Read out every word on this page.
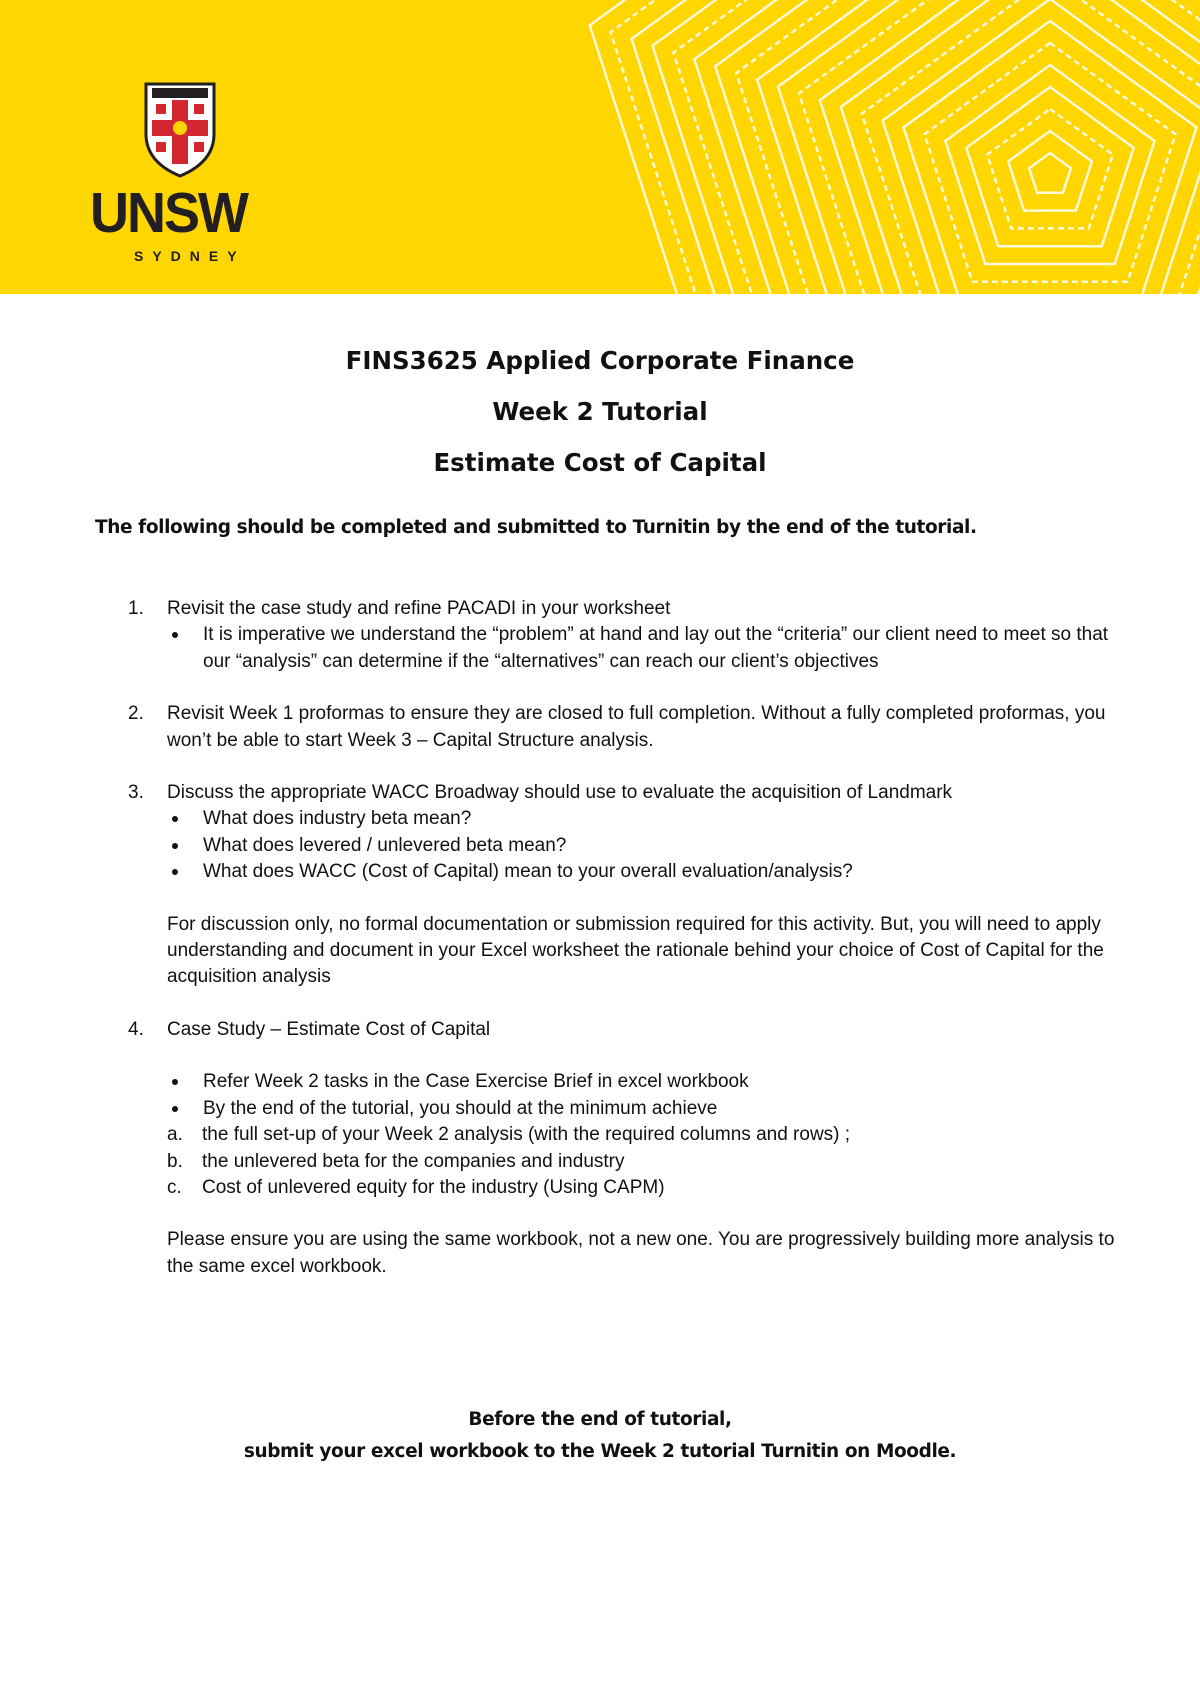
UNSW
SYDNEY
FINS3625 Applied Corporate Finance
Week 2 Tutorial
Estimate Cost of Capital
The following should be completed and submitted to Turnitin by the end of the tutorial.
1. Revisit the case study and refine PACADI in your worksheet
It is imperative we understand the “problem” at hand and lay out the “criteria” our client need to meet so that our “analysis” can determine if the “alternatives” can reach our client’s objectives
2. Revisit Week 1 proformas to ensure they are closed to full completion. Without a fully completed proformas, you won’t be able to start Week 3 – Capital Structure analysis.
3. Discuss the appropriate WACC Broadway should use to evaluate the acquisition of Landmark
What does industry beta mean?
What does levered / unlevered beta mean?
What does WACC (Cost of Capital) mean to your overall evaluation/analysis?
For discussion only, no formal documentation or submission required for this activity. But, you will need to apply understanding and document in your Excel worksheet the rationale behind your choice of Cost of Capital for the acquisition analysis
4. Case Study – Estimate Cost of Capital
Refer Week 2 tasks in the Case Exercise Brief in excel workbook
By the end of the tutorial, you should at the minimum achieve
a. the full set-up of your Week 2 analysis (with the required columns and rows) ;
b. the unlevered beta for the companies and industry
c. Cost of unlevered equity for the industry (Using CAPM)
Please ensure you are using the same workbook, not a new one. You are progressively building more analysis to the same excel workbook.
Before the end of tutorial,
submit your excel workbook to the Week 2 tutorial Turnitin on Moodle.
